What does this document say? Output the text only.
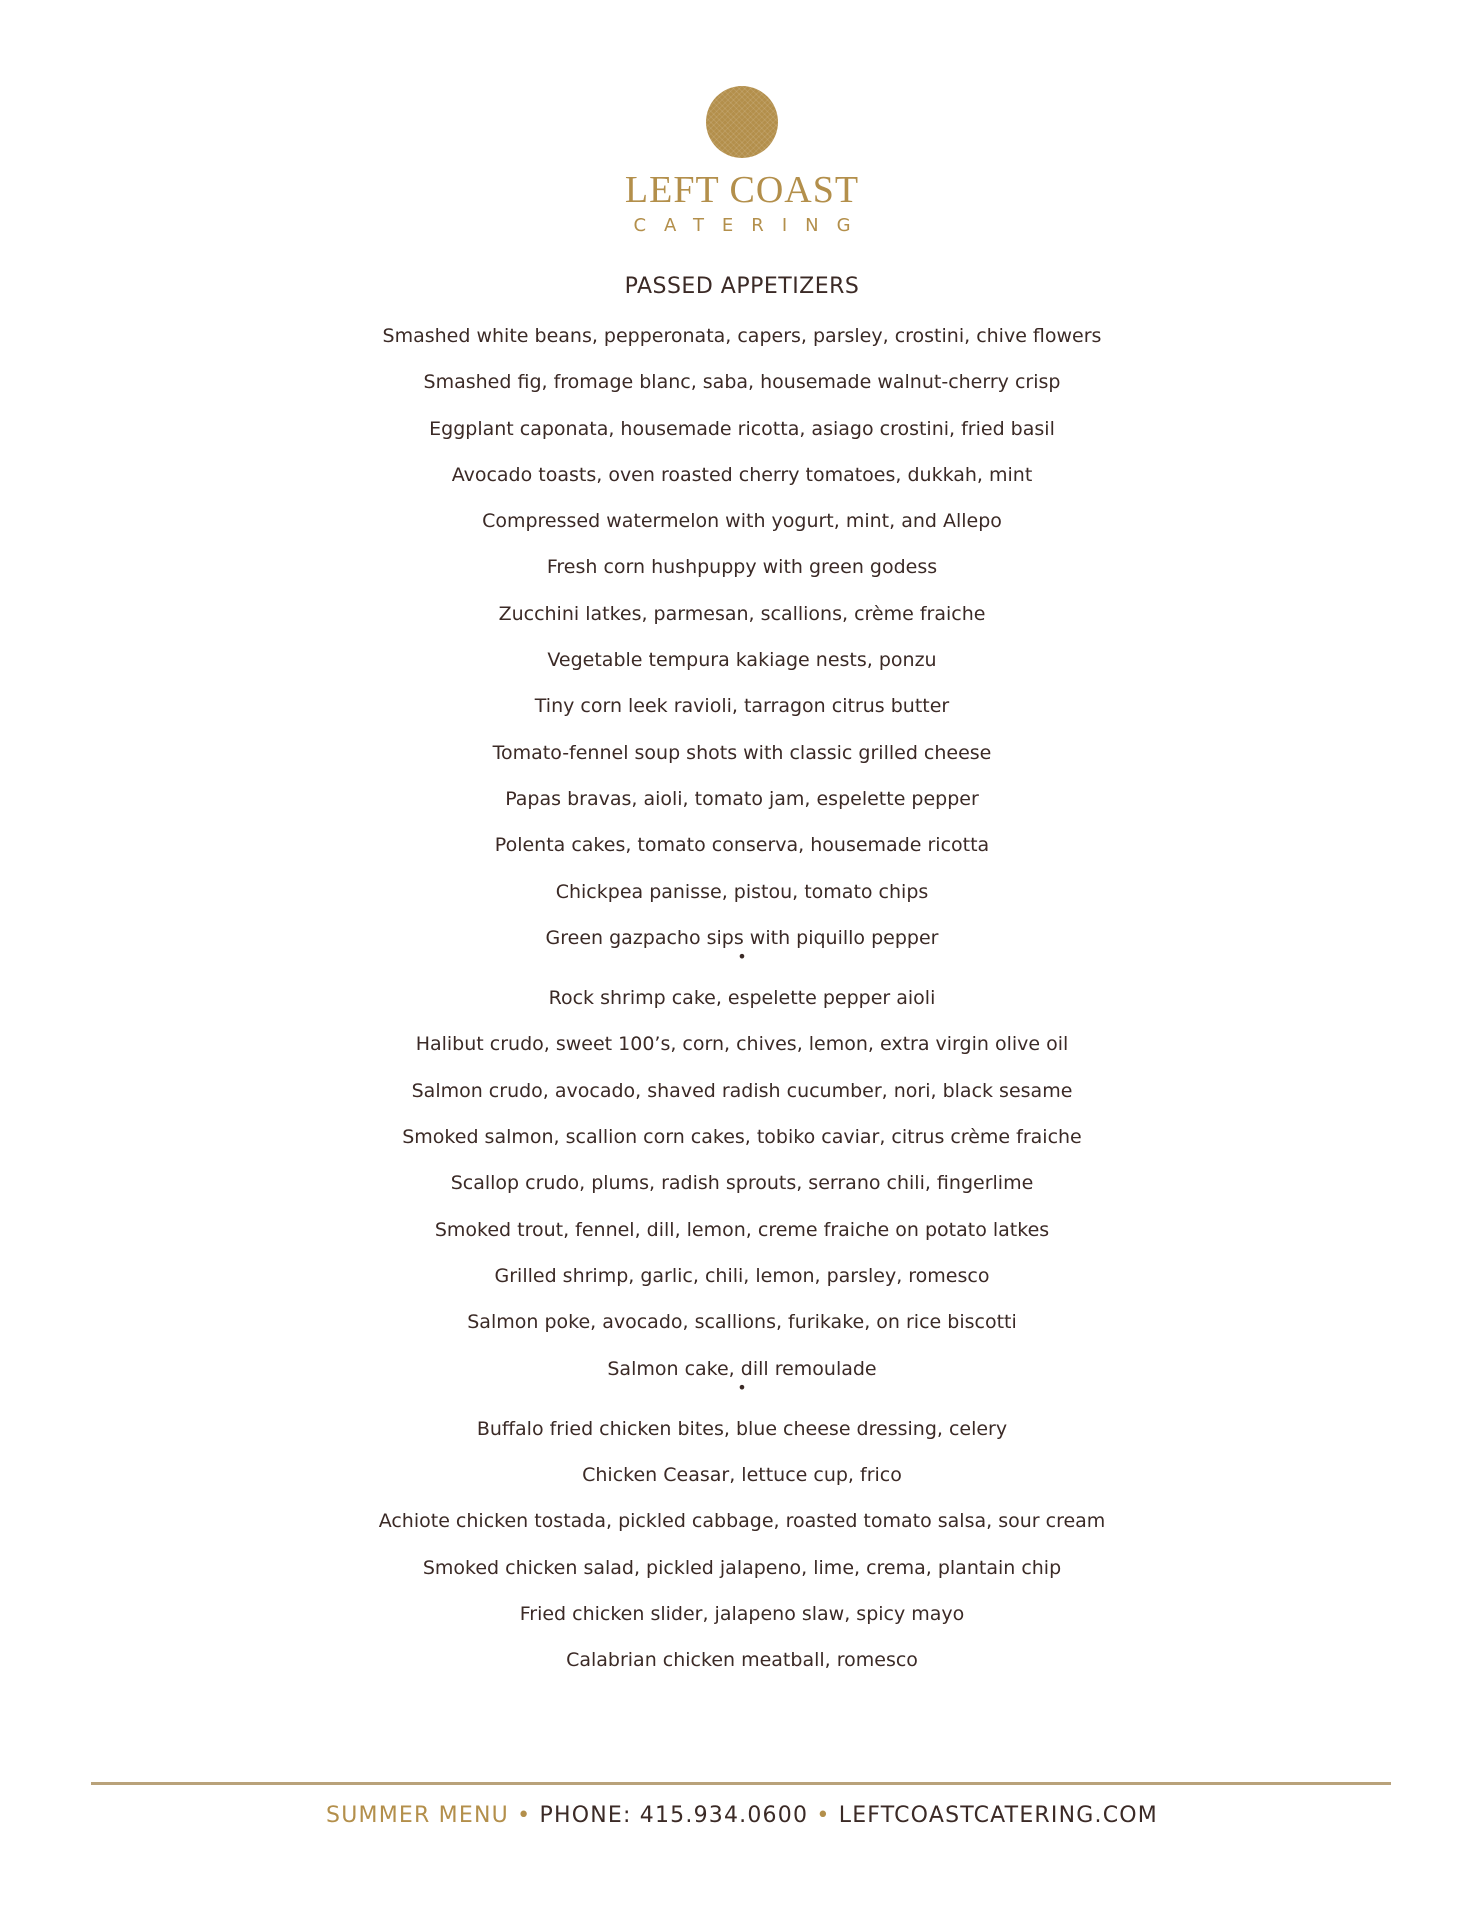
LEFT COAST
CATERING
PASSED APPETIZERS
Smashed white beans, pepperonata, capers, parsley, crostini, chive flowers
Smashed fig, fromage blanc, saba, housemade walnut-cherry crisp
Eggplant caponata, housemade ricotta, asiago crostini, fried basil
Avocado toasts, oven roasted cherry tomatoes, dukkah, mint
Compressed watermelon with yogurt, mint, and Allepo
Fresh corn hushpuppy with green godess
Zucchini latkes, parmesan, scallions, crème fraiche
Vegetable tempura kakiage nests, ponzu
Tiny corn leek ravioli, tarragon citrus butter
Tomato-fennel soup shots with classic grilled cheese
Papas bravas, aioli, tomato jam, espelette pepper
Polenta cakes, tomato conserva, housemade ricotta
Chickpea panisse, pistou, tomato chips
Green gazpacho sips with piquillo pepper
•
Rock shrimp cake, espelette pepper aioli
Halibut crudo, sweet 100’s, corn, chives, lemon, extra virgin olive oil
Salmon crudo, avocado, shaved radish cucumber, nori, black sesame
Smoked salmon, scallion corn cakes, tobiko caviar, citrus crème fraiche
Scallop crudo, plums, radish sprouts, serrano chili, fingerlime
Smoked trout, fennel, dill, lemon, creme fraiche on potato latkes
Grilled shrimp, garlic, chili, lemon, parsley, romesco
Salmon poke, avocado, scallions, furikake, on rice biscotti
Salmon cake, dill remoulade
•
Buffalo fried chicken bites, blue cheese dressing, celery
Chicken Ceasar, lettuce cup, frico
Achiote chicken tostada, pickled cabbage, roasted tomato salsa, sour cream
Smoked chicken salad, pickled jalapeno, lime, crema, plantain chip
Fried chicken slider, jalapeno slaw, spicy mayo
Calabrian chicken meatball, romesco
SUMMER MENU • PHONE: 415.934.0600 • LEFTCOASTCATERING.COM
